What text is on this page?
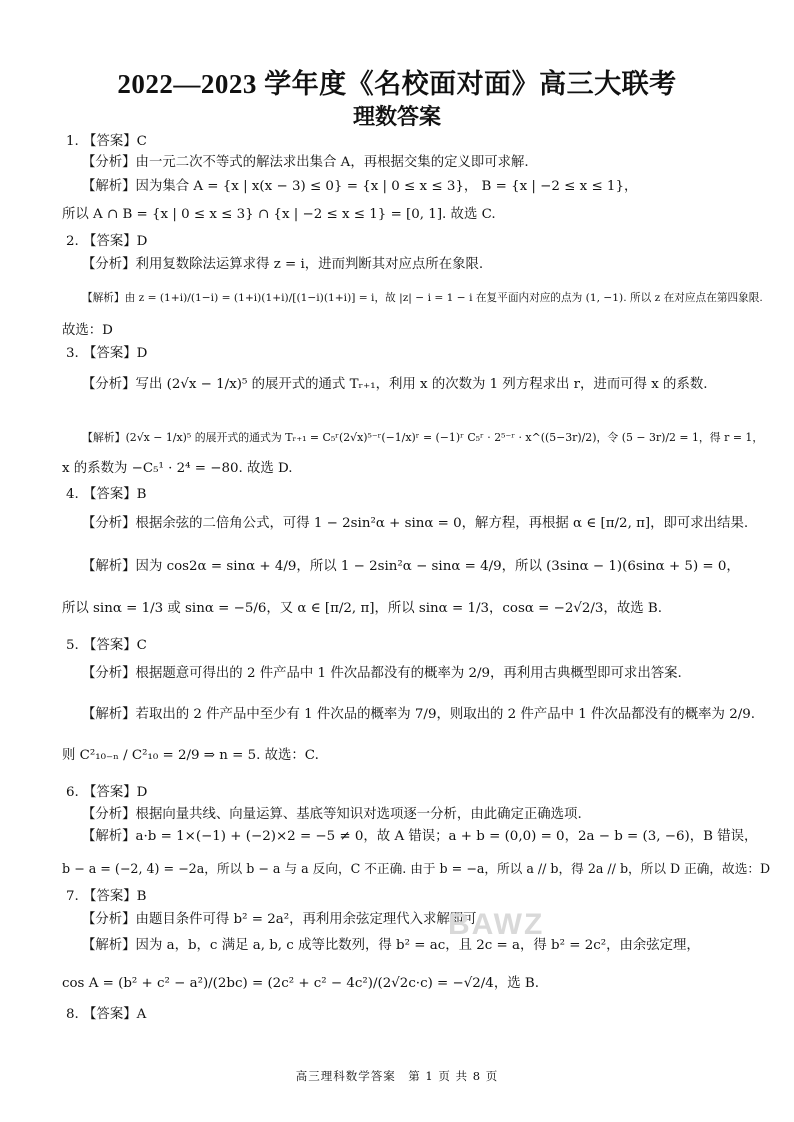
2022—2023 学年度《名校面对面》高三大联考
理数答案
1. 【答案】C
【分析】由一元二次不等式的解法求出集合 A，再根据交集的定义即可求解.
【解析】因为集合 A = {x | x(x − 3) ≤ 0} = {x | 0 ≤ x ≤ 3}， B = {x | −2 ≤ x ≤ 1}，
所以 A ∩ B = {x | 0 ≤ x ≤ 3} ∩ {x | −2 ≤ x ≤ 1} = [0, 1]. 故选 C.
2. 【答案】D
【分析】利用复数除法运算求得 z = i，进而判断其对应点所在象限.
【解析】由 z = (1+i)/(1−i) = (1+i)(1+i)/[(1−i)(1+i)] = i，故 |z| − i = 1 − i 在复平面内对应的点为 (1, −1). 所以 z 在对应点在第四象限.
故选：D
3. 【答案】D
【分析】写出 (2√x − 1/x)⁵ 的展开式的通式 Tᵣ₊₁，利用 x 的次数为 1 列方程求出 r，进而可得 x 的系数.
【解析】(2√x − 1/x)⁵ 的展开式的通式为 Tᵣ₊₁ = C₅ʳ(2√x)⁵⁻ʳ(−1/x)ʳ = (−1)ʳ C₅ʳ · 2⁵⁻ʳ · x^((5−3r)/2)，令 (5 − 3r)/2 = 1，得 r = 1，
x 的系数为 −C₅¹ · 2⁴ = −80. 故选 D.
4. 【答案】B
【分析】根据余弦的二倍角公式，可得 1 − 2sin²α + sinα = 0，解方程，再根据 α ∈ [π/2, π]，即可求出结果.
【解析】因为 cos2α = sinα + 4/9，所以 1 − 2sin²α − sinα = 4/9，所以 (3sinα − 1)(6sinα + 5) = 0，
所以 sinα = 1/3 或 sinα = −5/6，又 α ∈ [π/2, π]，所以 sinα = 1/3，cosα = −2√2/3，故选 B.
5. 【答案】C
【分析】根据题意可得出的 2 件产品中 1 件次品都没有的概率为 2/9，再利用古典概型即可求出答案.
【解析】若取出的 2 件产品中至少有 1 件次品的概率为 7/9，则取出的 2 件产品中 1 件次品都没有的概率为 2/9.
则 C²₁₀₋ₙ / C²₁₀ = 2/9 ⇒ n = 5. 故选：C.
6. 【答案】D
【分析】根据向量共线、向量运算、基底等知识对选项逐一分析，由此确定正确选项.
【解析】a·b = 1×(−1) + (−2)×2 = −5 ≠ 0，故 A 错误；a + b = (0,0) = 0，2a − b = (3, −6)，B 错误，
b − a = (−2, 4) = −2a，所以 b − a 与 a 反向，C 不正确. 由于 b = −a，所以 a // b，得 2a // b，所以 D 正确，故选：D
7. 【答案】B
【分析】由题目条件可得 b² = 2a²，再利用余弦定理代入求解即可.
【解析】因为 a，b，c 满足 a, b, c 成等比数列，得 b² = ac，且 2c = a，得 b² = 2c²，由余弦定理，
cos A = (b² + c² − a²)/(2bc) = (2c² + c² − 4c²)/(2√2c·c) = −√2/4，选 B.
8. 【答案】A
BAWZ
高三理科数学答案　第 1 页 共 8 页
